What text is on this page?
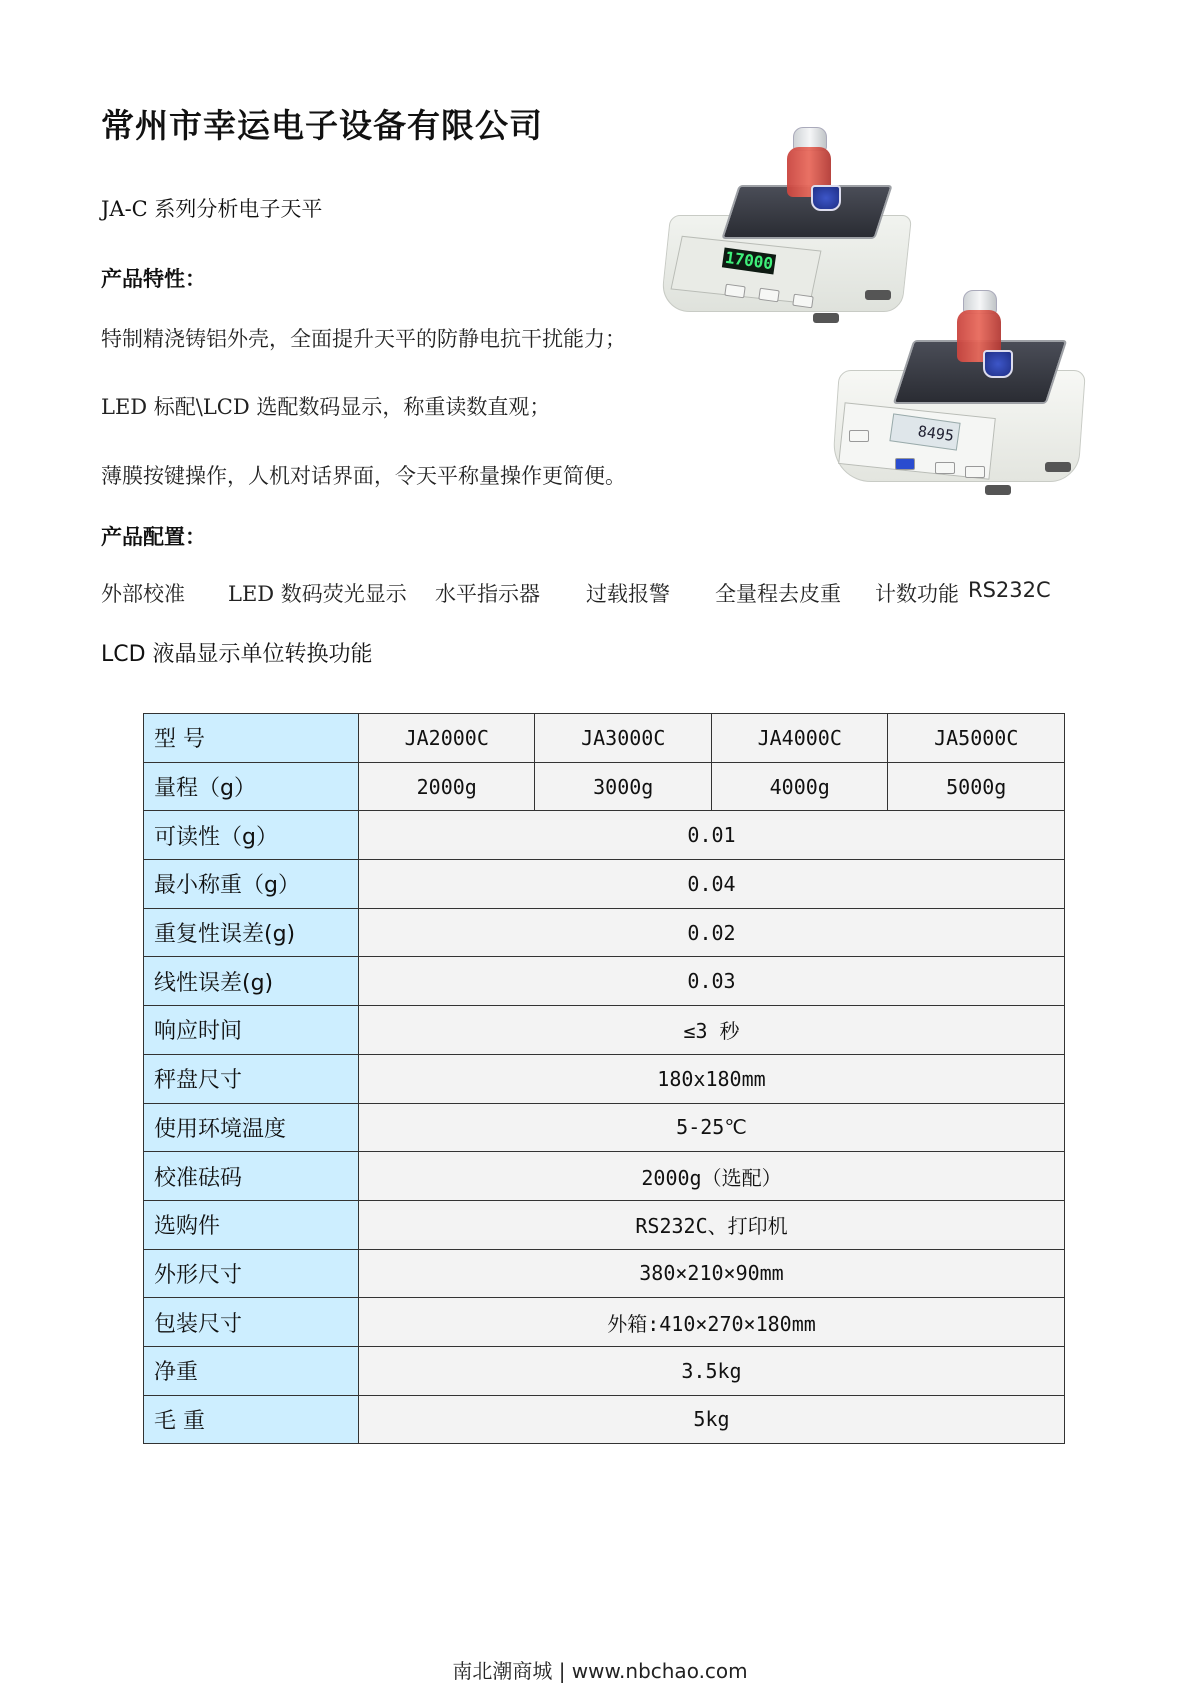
常州市幸运电子设备有限公司
JA-C 系列分析电子天平
产品特性：
特制精浇铸铝外壳，全面提升天平的防静电抗干扰能力；
LED 标配\LCD 选配数码显示，称重读数直观；
薄膜按键操作，人机对话界面，令天平称量操作更简便。
产品配置：
外部校准 LED 数码荧光显示 水平指示器 过载报警 全量程去皮重 计数功能 RS232C
LCD 液晶显示单位转换功能
17000
8495
型 号	JA2000C	JA3000C	JA4000C	JA5000C
量程（g）	2000g	3000g	4000g	5000g
可读性（g）	0.01			
最小称重（g）	0.04			
重复性误差(g)	0.02			
线性误差(g)	0.03			
响应时间	≤3 秒			
秤盘尺寸	180x180mm			
使用环境温度	5-25℃			
校准砝码	2000g（选配）			
选购件	RS232C、打印机			
外形尺寸	380×210×90mm			
包装尺寸	外箱:410×270×180mm			
净重	3.5kg			
毛 重	5kg			
南北潮商城 | www.nbchao.com
